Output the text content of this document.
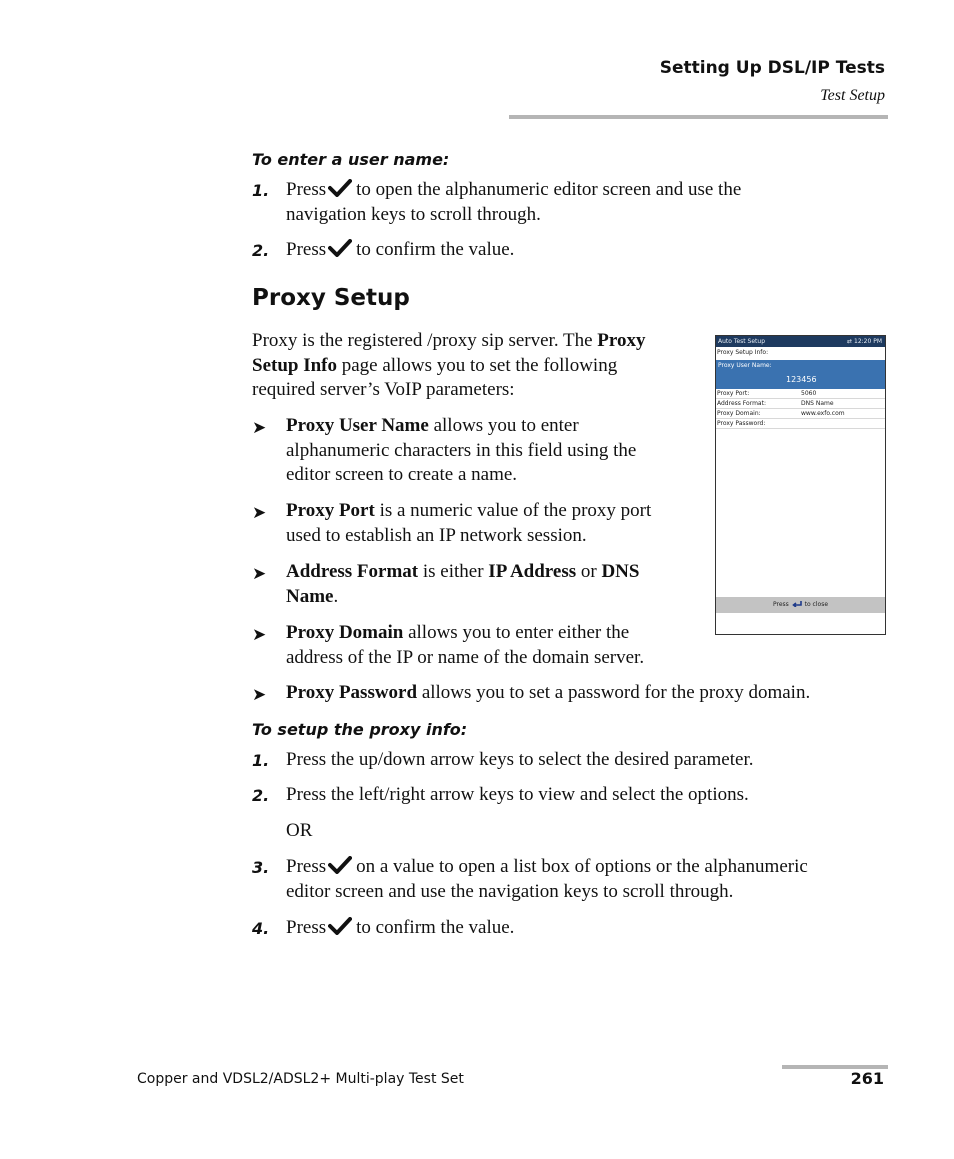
Setting Up DSL/IP Tests
Test Setup
To enter a user name:
1. Press to open the alphanumeric editor screen and use the
navigation keys to scroll through.
2. Press to confirm the value.
Proxy Setup
Proxy is the registered /proxy sip server. The Proxy
Setup Info page allows you to set the following
required server’s VoIP parameters:
➤ Proxy User Name allows you to enter
alphanumeric characters in this field using the
editor screen to create a name.
➤ Proxy Port is a numeric value of the proxy port
used to establish an IP network session.
➤ Address Format is either IP Address or DNS
Name.
➤ Proxy Domain allows you to enter either the
address of the IP or name of the domain server.
➤ Proxy Password allows you to set a password for the proxy domain.
Auto Test Setup	⇄ 12:20 PM
Proxy Setup Info:
Proxy User Name:
123456
Proxy Port:	5060
Address Format:	DNS Name
Proxy Domain:	www.exfo.com
Proxy Password:
Press	to close
To setup the proxy info:
1. Press the up/down arrow keys to select the desired parameter.
2. Press the left/right arrow keys to view and select the options.
OR
3. Press on a value to open a list box of options or the alphanumeric
editor screen and use the navigation keys to scroll through.
4. Press to confirm the value.
Copper and VDSL2/ADSL2+ Multi-play Test Set	261
